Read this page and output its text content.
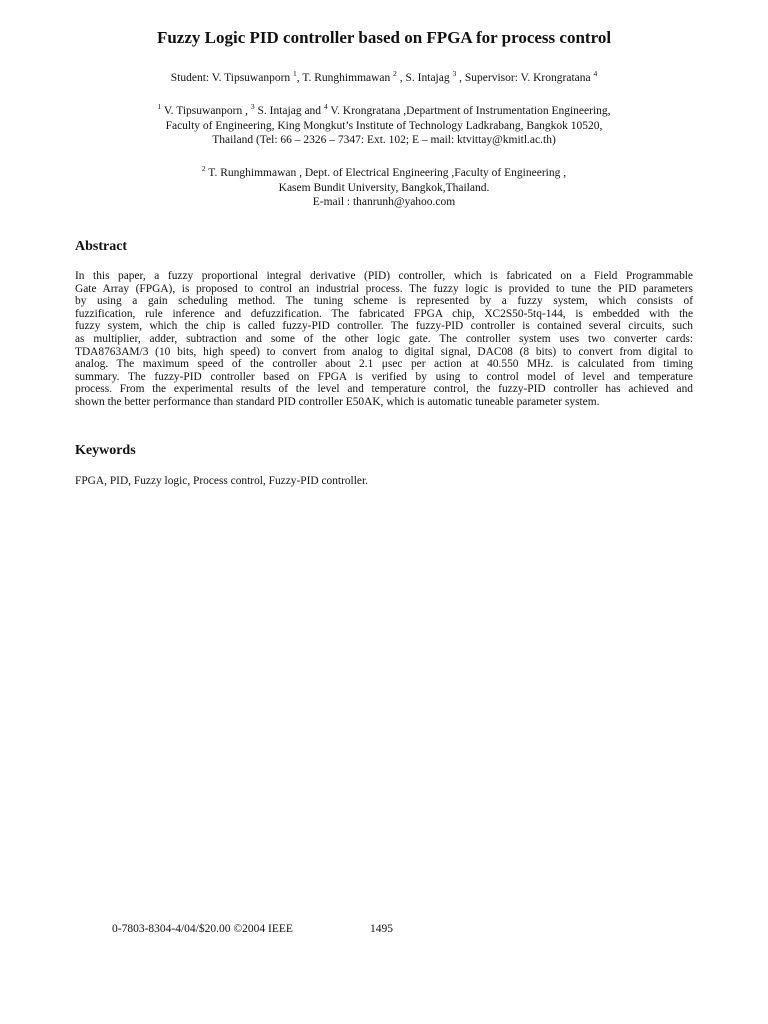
Fuzzy Logic PID controller based on FPGA for process control
Student: V. Tipsuwanporn $^1$, T. Runghimmawan $^2$ , S. Intajag $^3$ , Supervisor: V. Krongratana $^4$
$^1$ V. Tipsuwanporn , $^3$ S. Intajag and $^4$ V. Krongratana ,Department of Instrumentation Engineering,
Faculty of Engineering, King Mongkut’s Institute of Technology Ladkrabang, Bangkok 10520,
Thailand (Tel: 66 – 2326 – 7347: Ext. 102; E – mail: ktvittay@kmitl.ac.th)
$^2$ T. Runghimmawan , Dept. of Electrical Engineering ,Faculty of Engineering ,
Kasem Bundit University, Bangkok,Thailand.
E-mail : thanrunh@yahoo.com
Abstract
In this paper, a fuzzy proportional integral derivative (PID) controller, which is fabricated on a Field Programmable
Gate Array (FPGA), is proposed to control an industrial process. The fuzzy logic is provided to tune the PID parameters
by using a gain scheduling method. The tuning scheme is represented by a fuzzy system, which consists of
fuzzification, rule inference and defuzzification. The fabricated FPGA chip, XC2S50-5tq-144, is embedded with the
fuzzy system, which the chip is called fuzzy-PID controller. The fuzzy-PID controller is contained several circuits, such
as multiplier, adder, subtraction and some of the other logic gate. The controller system uses two converter cards:
TDA8763AM/3 (10 bits, high speed) to convert from analog to digital signal, DAC08 (8 bits) to convert from digital to
analog. The maximum speed of the controller about 2.1 μsec per action at 40.550 MHz. is calculated from timing
summary. The fuzzy-PID controller based on FPGA is verified by using to control model of level and temperature
process. From the experimental results of the level and temperature control, the fuzzy-PID controller has achieved and
shown the better performance than standard PID controller E50AK, which is automatic tuneable parameter system.
Keywords
FPGA, PID, Fuzzy logic, Process control, Fuzzy-PID controller.
0-7803-8304-4/04/$20.00 ©2004 IEEE	1495
